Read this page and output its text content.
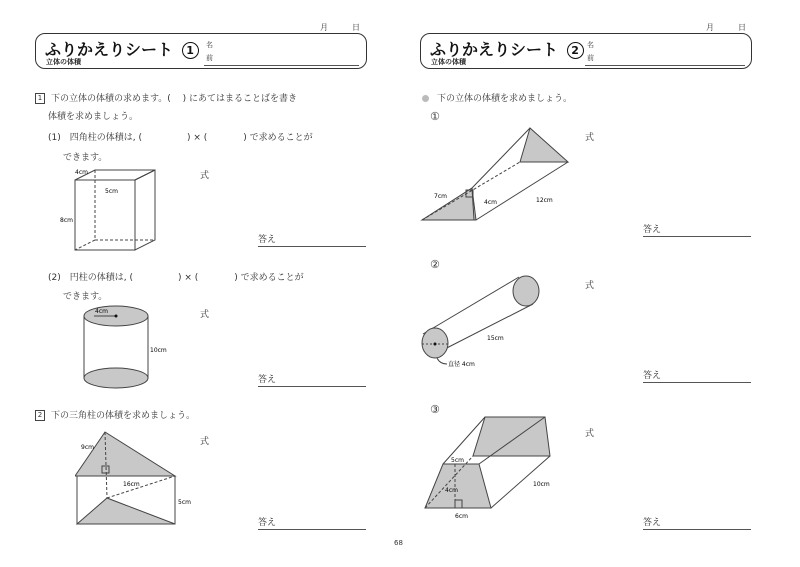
月	日
ふりかえりシート 1
立体の体積
名
前
1 下の立体の体積の求めます。(　 ) にあてはまることばを書き
体積を求めましょう。
(1)　四角柱の体積は, (　　　　　) × (　　　　) で求めることが
できます。
式
答え
4cm
5cm
8cm
(2)　円柱の体積は, (　　　　　) × (　　　　) で求めることが
できます。
式
答え
4cm
10cm
2 下の三角柱の体積を求めましょう。
式
答え
9cm
16cm
5cm
月	日
ふりかえりシート 2
立体の体積
名
前
下の立体の体積を求めましょう。
①
式
答え
7cm
4cm	12cm
②
式
答え
15cm
直径 4cm
③
式
答え
5cm
4cm
6cm
10cm
68
